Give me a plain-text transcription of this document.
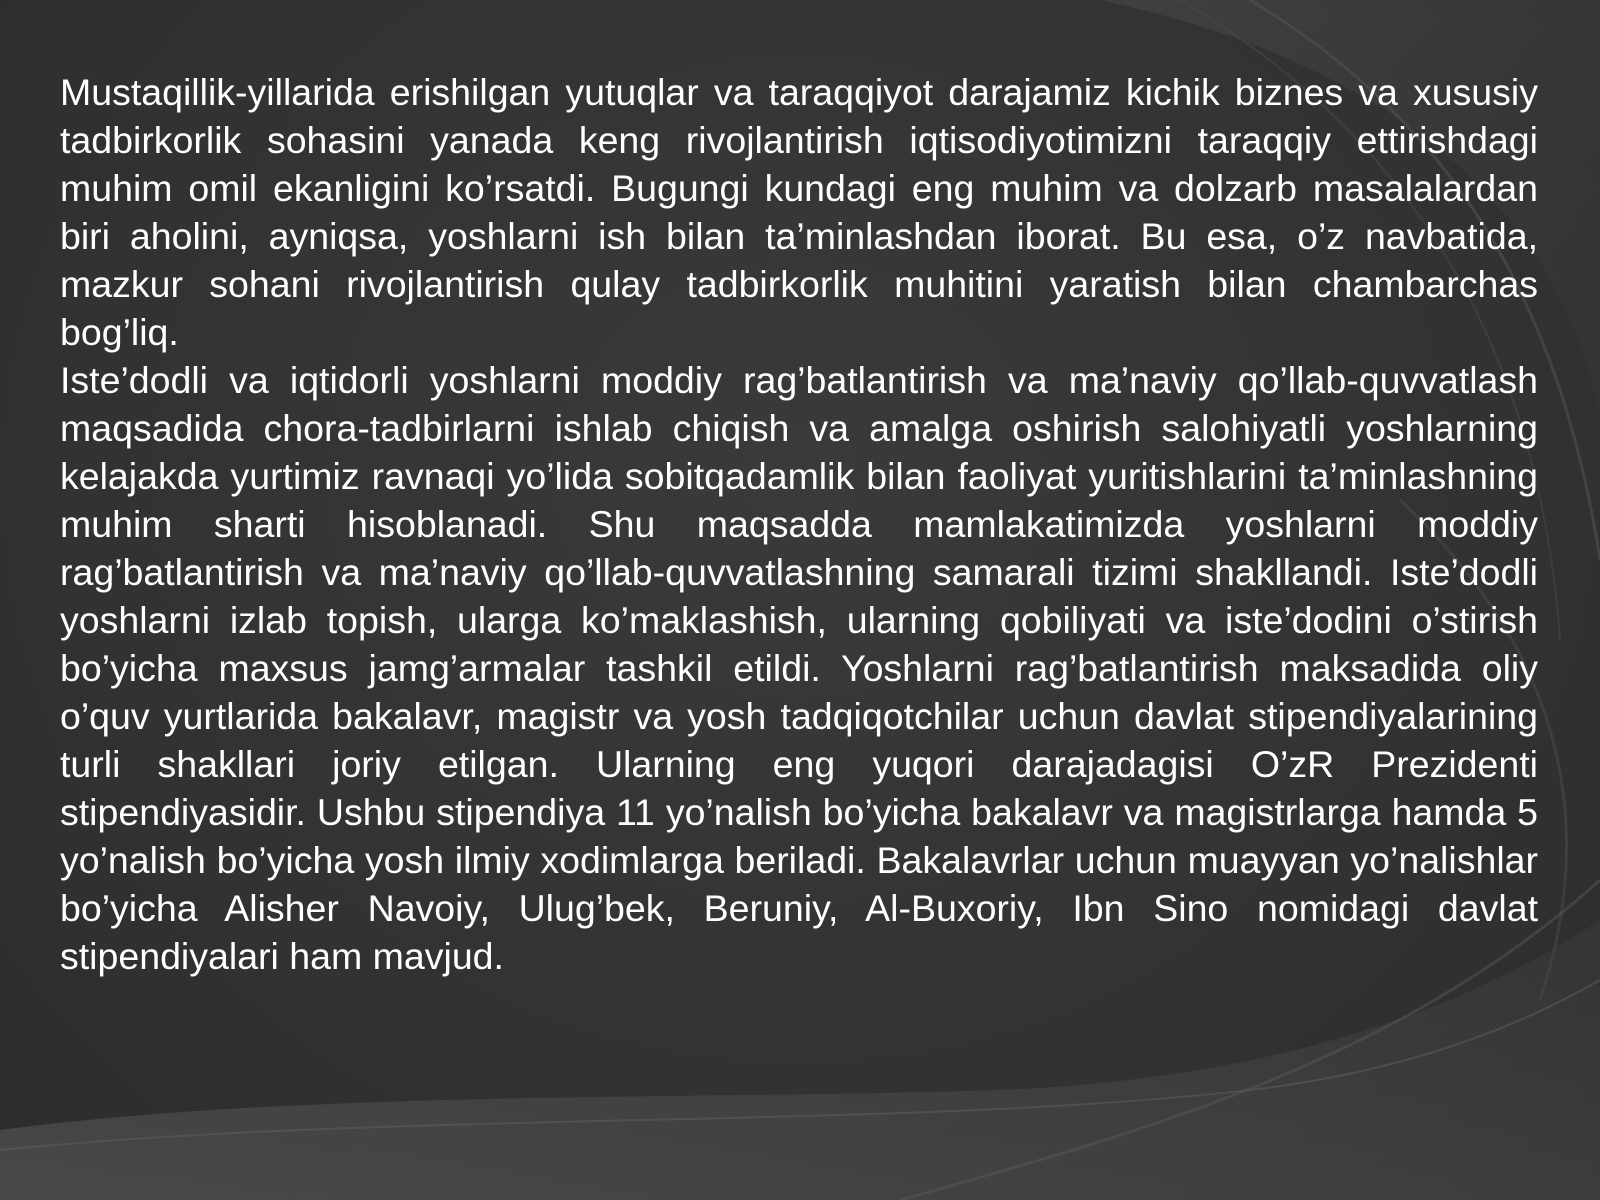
Mustaqillik-yillarida erishilgan yutuqlar va taraqqiyot darajamiz kichik biznes va xususiy tadbirkorlik sohasini yanada keng rivojlantirish iqtisodiyotimizni taraqqiy ettirishdagi muhim omil ekanligini ko’rsatdi. Bugungi kundagi eng muhim va dolzarb masalalardan biri aholini, ayniqsa, yoshlarni ish bilan ta’minlashdan iborat. Bu esa, o’z navbatida, mazkur sohani rivojlantirish qulay tadbirkorlik muhitini yaratish bilan chambarchas bog’liq.

Iste’dodli va iqtidorli yoshlarni moddiy rag’batlantirish va ma’naviy qo’llab-quvvatlash maqsadida chora-tadbirlarni ishlab chiqish va amalga oshirish salohiyatli yoshlarning kelajakda yurtimiz ravnaqi yo’lida sobitqadamlik bilan faoliyat yuritishlarini ta’minlashning muhim sharti hisoblanadi. Shu maqsadda mamlakatimizda yoshlarni moddiy rag’batlantirish va ma’naviy qo’llab-quvvatlashning samarali tizimi shakllandi. Iste’dodli yoshlarni izlab topish, ularga ko’maklashish, ularning qobiliyati va iste’dodini o’stirish bo’yicha maxsus jamg’armalar tashkil etildi. Yoshlarni rag’batlantirish maksadida oliy o’quv yurtlarida bakalavr, magistr va yosh tadqiqotchilar uchun davlat stipendiyalarining turli shakllari joriy etilgan. Ularning eng yuqori darajadagisi O’zR Prezidenti stipendiyasidir. Ushbu stipendiya 11 yo’nalish bo’yicha bakalavr va magistrlarga hamda 5 yo’nalish bo’yicha yosh ilmiy xodimlarga beriladi. Bakalavrlar uchun muayyan yo’nalishlar bo’yicha Alisher Navoiy, Ulug’bek, Beruniy, Al-Buxoriy, Ibn Sino nomidagi davlat stipendiyalari ham mavjud.
